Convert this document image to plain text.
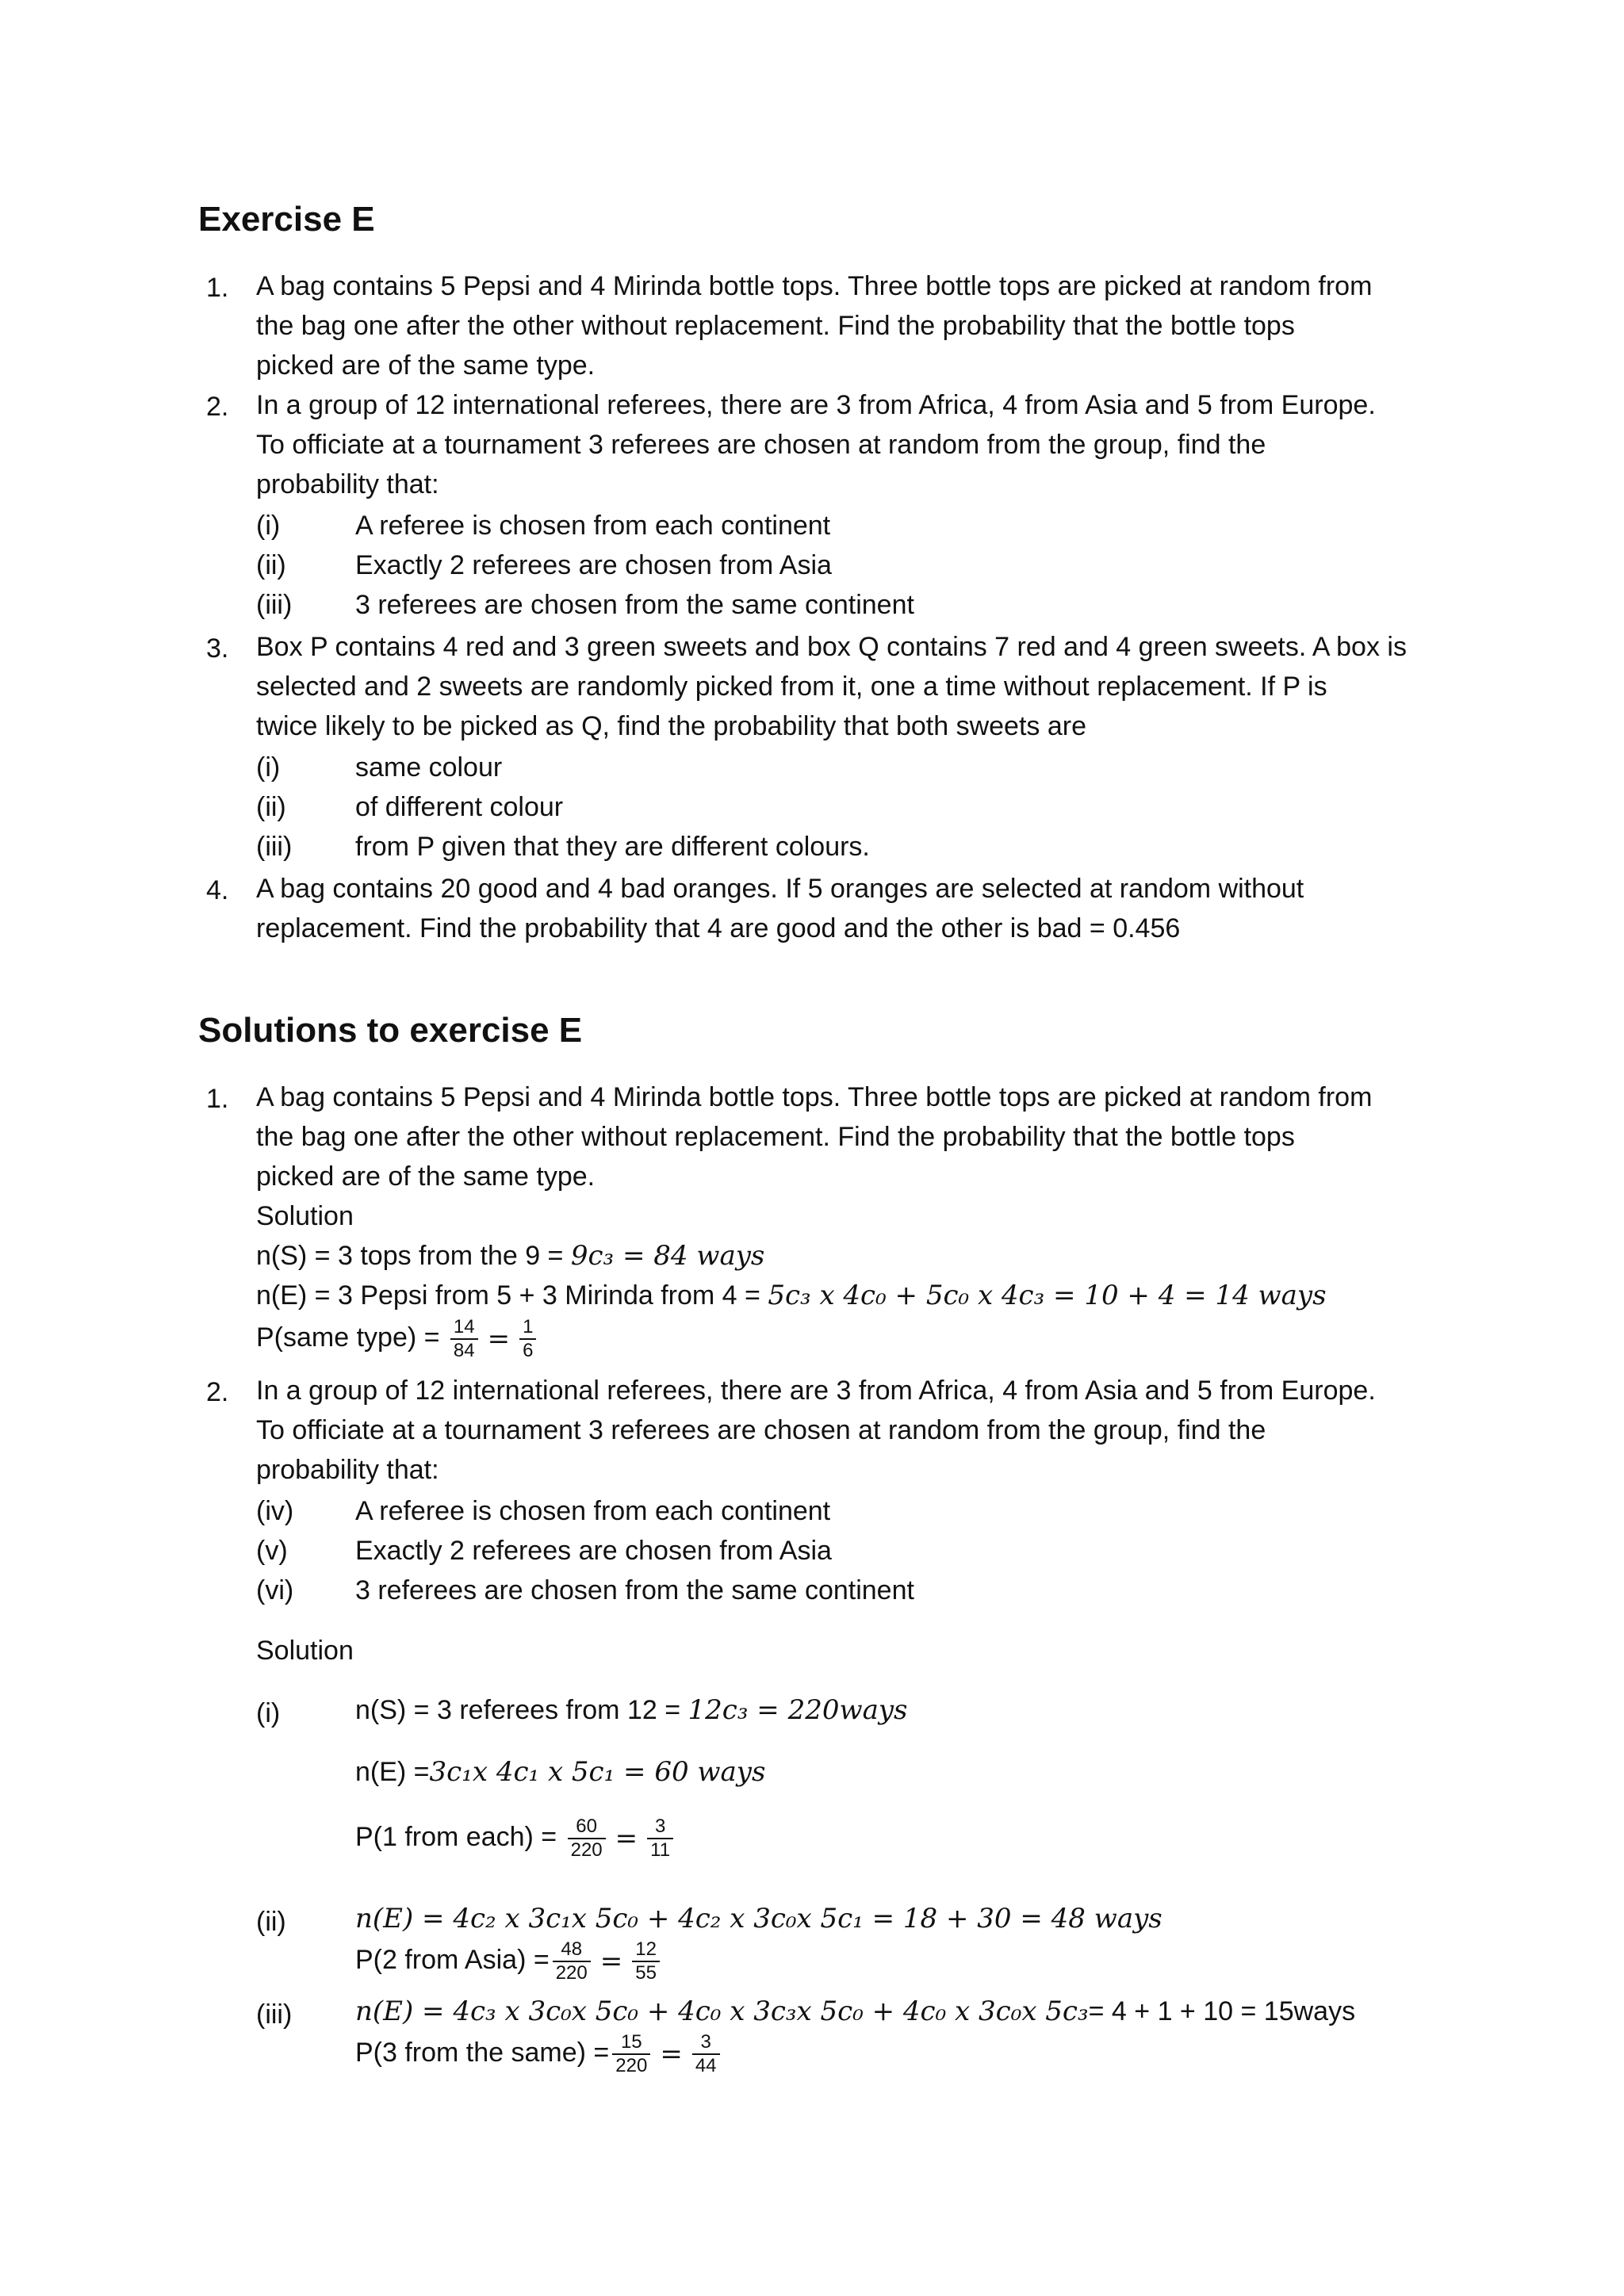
Exercise E
1. A bag contains 5 Pepsi and 4 Mirinda bottle tops. Three bottle tops are picked at random from
the bag one after the other without replacement. Find the probability that the bottle tops
picked are of the same type.
2. In a group of 12 international referees, there are 3 from Africa, 4 from Asia and 5 from Europe.
To officiate at a tournament 3 referees are chosen at random from the group, find the
probability that:
(i)	A referee is chosen from each continent
(ii)	Exactly 2 referees are chosen from Asia
(iii) 3 referees are chosen from the same continent
3. Box P contains 4 red and 3 green sweets and box Q contains 7 red and 4 green sweets. A box is
selected and 2 sweets are randomly picked from it, one a time without replacement. If P is
twice likely to be picked as Q, find the probability that both sweets are
(i)	same colour
(ii)	of different colour
(iii) from P given that they are different colours.
4. A bag contains 20 good and 4 bad oranges. If 5 oranges are selected at random without
replacement. Find the probability that 4 are good and the other is bad = 0.456
Solutions to exercise E
1. A bag contains 5 Pepsi and 4 Mirinda bottle tops. Three bottle tops are picked at random from
the bag one after the other without replacement. Find the probability that the bottle tops
picked are of the same type.
Solution
n(S) = 3 tops from the 9 = 9c₃ = 84 ways
n(E) = 3 Pepsi from 5 + 3 Mirinda from 4 = 5c₃ x 4c₀ + 5c₀ x 4c₃ = 10 + 4 = 14 ways
P(same type) = $\frac{14}{84} = \frac{1}{6}$
2. In a group of 12 international referees, there are 3 from Africa, 4 from Asia and 5 from Europe.
To officiate at a tournament 3 referees are chosen at random from the group, find the
probability that:
(iv) A referee is chosen from each continent
(v)	Exactly 2 referees are chosen from Asia
(vi) 3 referees are chosen from the same continent
Solution
(i)	n(S) = 3 referees from 12 = 12c₃ = 220ways
n(E) =3c₁x 4c₁ x 5c₁ = 60 ways
P(1 from each) = $\frac{60}{220} = \frac{3}{11}$
(ii)	n(E) = 4c₂ x 3c₁x 5c₀ + 4c₂ x 3c₀x 5c₁ = 18 + 30 = 48 ways
P(2 from Asia) = $\frac{48}{220} = \frac{12}{55}$
(iii) n(E) = 4c₃ x 3c₀x 5c₀ + 4c₀ x 3c₃x 5c₀ + 4c₀ x 3c₀x 5c₃= 4 + 1 + 10 = 15ways
P(3 from the same) = $\frac{15}{220} = \frac{3}{44}$
